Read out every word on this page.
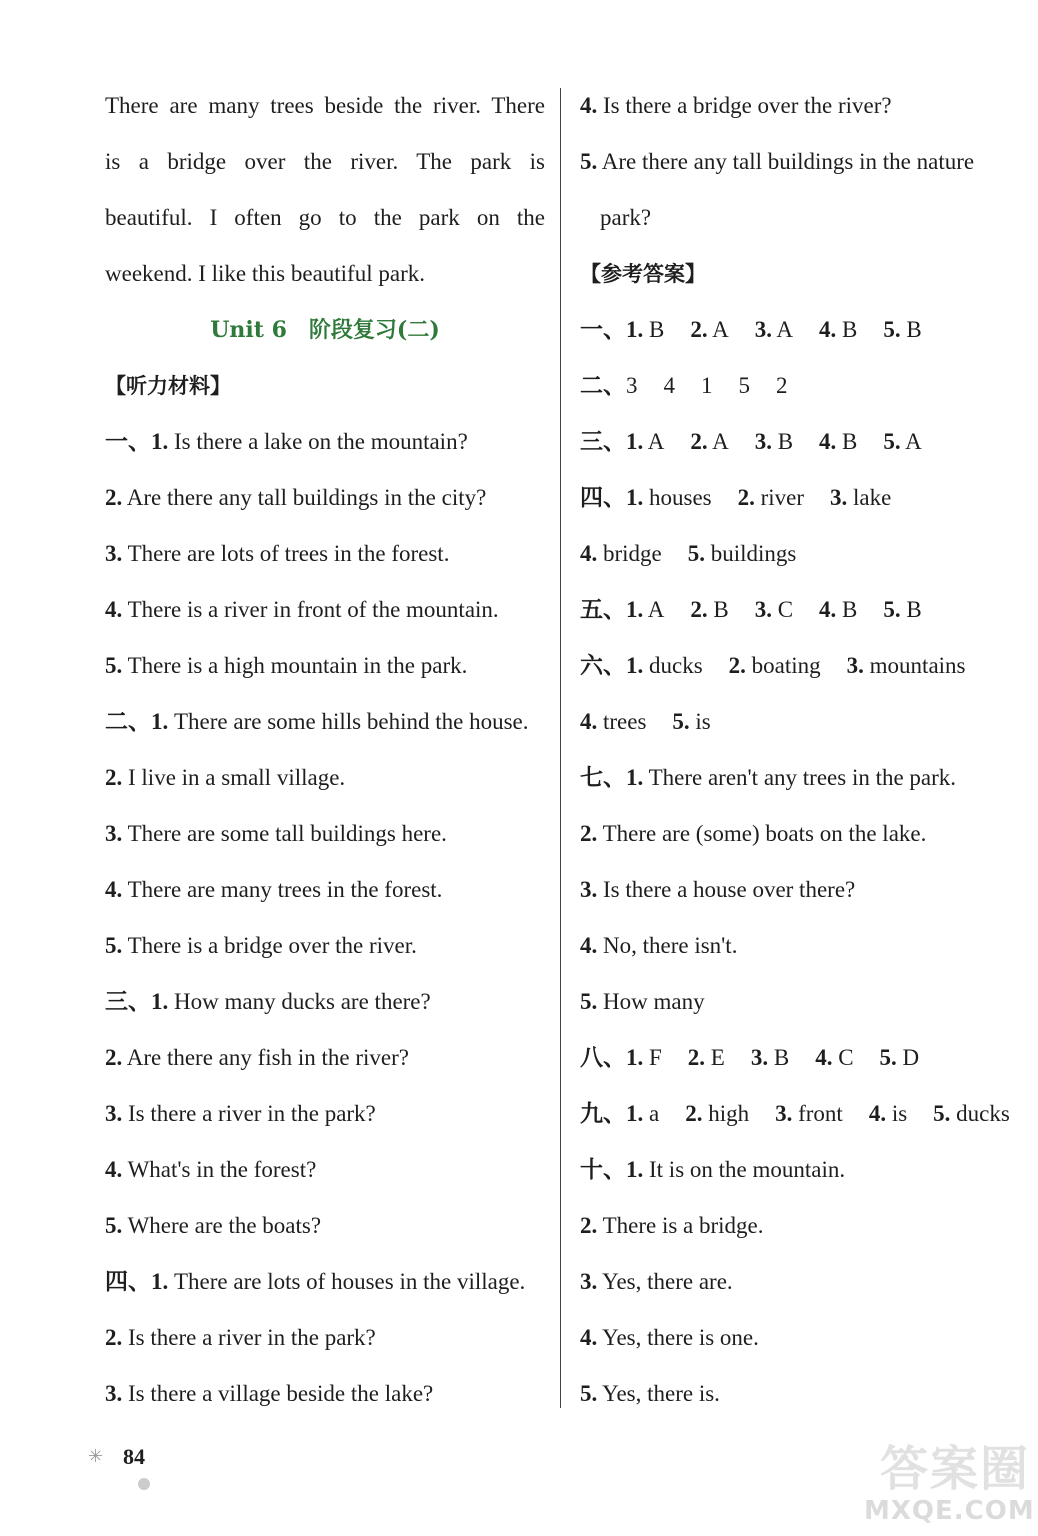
There are many trees beside the river. There
is a bridge over the river. The park is
beautiful. I often go to the park on the
weekend. I like this beautiful park.
Unit 6 阶段复习(二)
【听力材料】
一、1. Is there a lake on the mountain?
2. Are there any tall buildings in the city?
3. There are lots of trees in the forest.
4. There is a river in front of the mountain.
5. There is a high mountain in the park.
二、1. There are some hills behind the house.
2. I live in a small village.
3. There are some tall buildings here.
4. There are many trees in the forest.
5. There is a bridge over the river.
三、1. How many ducks are there?
2. Are there any fish in the river?
3. Is there a river in the park?
4. What's in the forest?
5. Where are the boats?
四、1. There are lots of houses in the village.
2. Is there a river in the park?
3. Is there a village beside the lake?
4. Is there a bridge over the river?
5. Are there any tall buildings in the nature
park?
【参考答案】
一、1. B 2. A 3. A 4. B 5. B
二、3 4 1 5 2
三、1. A 2. A 3. B 4. B 5. A
四、1. houses 2. river 3. lake
4. bridge 5. buildings
五、1. A 2. B 3. C 4. B 5. B
六、1. ducks 2. boating 3. mountains
4. trees 5. is
七、1. There aren't any trees in the park.
2. There are (some) boats on the lake.
3. Is there a house over there?
4. No, there isn't.
5. How many
八、1. F 2. E 3. B 4. C 5. D
九、1. a 2. high 3. front 4. is 5. ducks
十、1. It is on the mountain.
2. There is a bridge.
3. Yes, there are.
4. Yes, there is one.
5. Yes, there is.
✳ 84	答案圈
MXQE.COM
